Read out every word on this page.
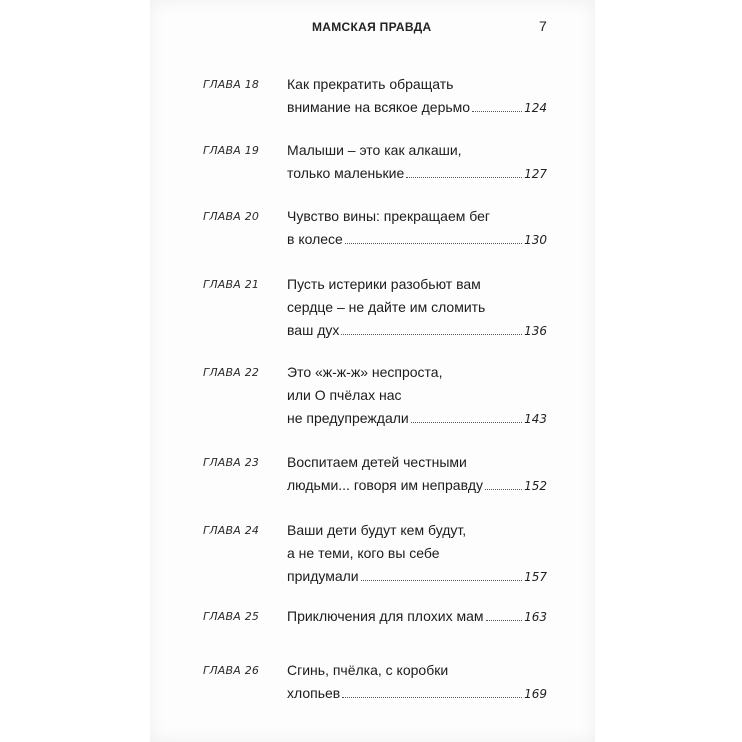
МАМСКАЯ ПРАВДА	7
ГЛАВА 18 Как прекратить обращать
внимание на всякое дерьмо	124
ГЛАВА 19 Малыши – это как алкаши,
только маленькие	127
ГЛАВА 20 Чувство вины: прекращаем бег
в колесе	130
ГЛАВА 21 Пусть истерики разобьют вам
сердце – не дайте им сломить
ваш дух	136
ГЛАВА 22 Это «ж-ж-ж» неспроста,
или О пчёлах нас
не предупреждали	143
ГЛАВА 23 Воспитаем детей честными
людьми... говоря им неправду	152
ГЛАВА 24 Ваши дети будут кем будут,
а не теми, кого вы себе
придумали	157
ГЛАВА 25 Приключения для плохих мам	163
ГЛАВА 26 Сгинь, пчёлка, с коробки
хлопьев	169
